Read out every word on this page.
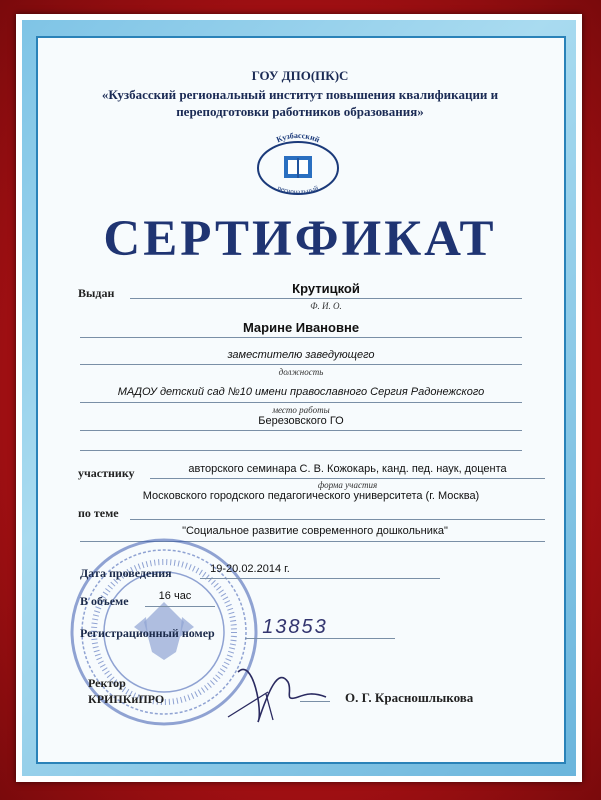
ГОУ ДПО(ПК)С
«Кузбасский региональный институт повышения квалификации и переподготовки работников образования»
Кузбасский
региональный
СЕРТИФИКАТ
Выдан	Крутицкой
Ф. И. О.
Марине Ивановне
заместителю заведующего
должность
МАДОУ детский сад №10 имени православного Сергия Радонежского
место работы
Березовского ГО
участнику	авторского семинара С. В. Кожокарь, канд. пед. наук, доцента
форма участия
Московского городского педагогического университета (г. Москва)
по теме
"Социальное развитие современного дошкольника"
Дата проведения	19-20.02.2014 г.
В объеме	16 час
Регистрационный номер	13853
Ректор
КРИПКиПРО	О. Г. Красношлыкова
